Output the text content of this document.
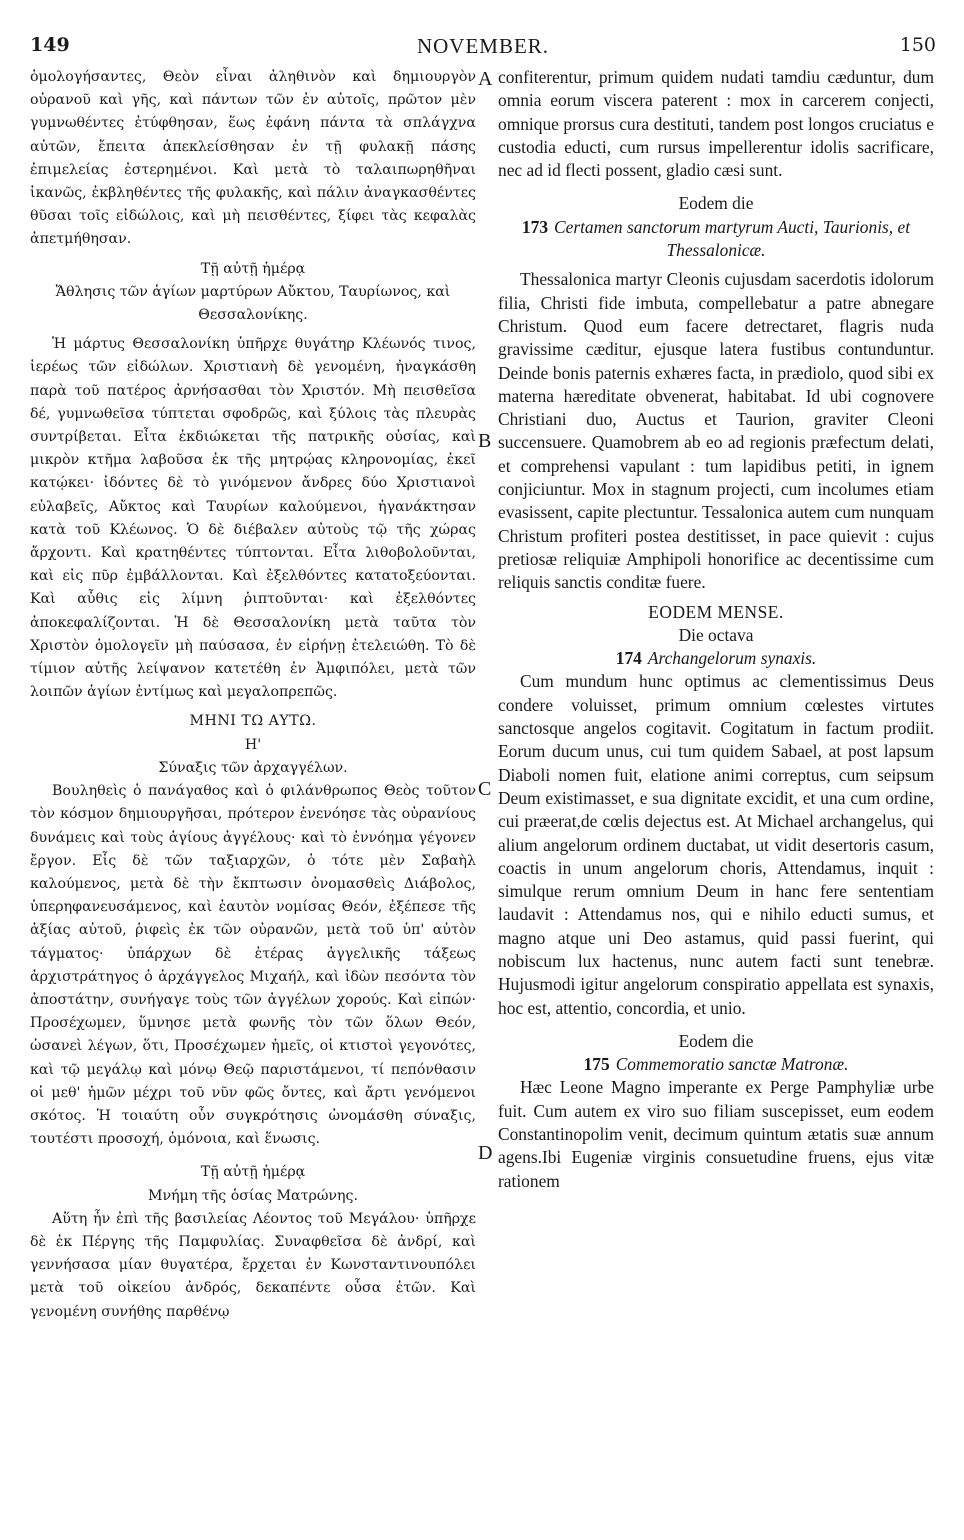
149	NOVEMBER.	150
A
B
C
D

ὁμολογήσαντες, Θεὸν εἶναι ἀληθινὸν καὶ δημιουργὸν οὐρανοῦ καὶ γῆς, καὶ πάντων τῶν ἐν αὐτοῖς, πρῶτον μὲν γυμνωθέντες ἐτύφθησαν, ἕως ἐφάνη πάντα τὰ σπλάγχνα αὐτῶν, ἔπειτα ἀπεκλείσθησαν ἐν τῇ φυλακῇ πάσης ἐπιμελείας ἐστερημένοι. Καὶ μετὰ τὸ ταλαιπωρηθῆναι ἱκανῶς, ἐκβληθέντες τῆς φυλακῆς, καὶ πάλιν ἀναγκασθέντες θῦσαι τοῖς εἰδώλοις, καὶ μὴ πεισθέντες, ξίφει τὰς κεφαλὰς ἀπετμήθησαν.

Τῇ αὐτῇ ἡμέρᾳ

Ἄθλησις τῶν ἁγίων μαρτύρων Αὔκτου, Ταυρίωνος, καὶ Θεσσαλονίκης.

Ἡ μάρτυς Θεσσαλονίκη ὑπῆρχε θυγάτηρ Κλέωνός τινος, ἱερέως τῶν εἰδώλων. Χριστιανὴ δὲ γενομένη, ἠναγκάσθη παρὰ τοῦ πατέρος ἀρνήσασθαι τὸν Χριστόν. Μὴ πεισθεῖσα δέ, γυμνωθεῖσα τύπτεται σφοδρῶς, καὶ ξύλοις τὰς πλευρὰς συντρίβεται. Εἶτα ἐκδιώκεται τῆς πατρικῆς οὐσίας, καὶ μικρὸν κτῆμα λαβοῦσα ἐκ τῆς μητρῴας κληρονομίας, ἐκεῖ κατῴκει· ἰδόντες δὲ τὸ γινόμενον ἄνδρες δύο Χριστιανοὶ εὐλαβεῖς, Αὔκτος καὶ Ταυρίων καλούμενοι, ἠγανάκτησαν κατὰ τοῦ Κλέωνος. Ὁ δὲ διέβαλεν αὐτοὺς τῷ τῆς χώρας ἄρχοντι. Καὶ κρατηθέντες τύπτονται. Εἶτα λιθοβολοῦνται, καὶ εἰς πῦρ ἐμβάλλονται. Καὶ ἐξελθόντες κατατοξεύονται. Καὶ αὖθις εἰς λίμνη ῥιπτοῦνται· καὶ ἐξελθόντες ἀποκεφαλίζονται. Ἡ δὲ Θεσσαλονίκη μετὰ ταῦτα τὸν Χριστὸν ὁμολογεῖν μὴ παύσασα, ἐν εἰρήνῃ ἐτελειώθη. Τὸ δὲ τίμιον αὐτῆς λείψανον κατετέθη ἐν Ἀμφιπόλει, μετὰ τῶν λοιπῶν ἁγίων ἐντίμως καὶ μεγαλοπρεπῶς.

ΜΗΝΙ ΤΩ ΑΥΤΩ.

Η'

Σύναξις τῶν ἀρχαγγέλων.

Βουληθεὶς ὁ πανάγαθος καὶ ὁ φιλάνθρωπος Θεὸς τοῦτον τὸν κόσμον δημιουργῆσαι, πρότερον ἐνενόησε τὰς οὐρανίους δυνάμεις καὶ τοὺς ἁγίους ἀγγέλους· καὶ τὸ ἐννόημα γέγονεν ἔργον. Εἷς δὲ τῶν ταξιαρχῶν, ὁ τότε μὲν Σαβαὴλ καλούμενος, μετὰ δὲ τὴν ἔκπτωσιν ὀνομασθεὶς Διάβολος, ὑπερηφανευσάμενος, καὶ ἑαυτὸν νομίσας Θεόν, ἐξέπεσε τῆς ἀξίας αὐτοῦ, ῥιφεὶς ἐκ τῶν οὐρανῶν, μετὰ τοῦ ὑπ' αὐτὸν τάγματος· ὑπάρχων δὲ ἑτέρας ἀγγελικῆς τάξεως ἀρχιστράτηγος ὁ ἀρχάγγελος Μιχαήλ, καὶ ἰδὼν πεσόντα τὸν ἀποστάτην, συνήγαγε τοὺς τῶν ἀγγέλων χορούς. Καὶ εἰπών· Προσέχωμεν, ὕμνησε μετὰ φωνῆς τὸν τῶν ὅλων Θεόν, ὡσανεὶ λέγων, ὅτι, Προσέχωμεν ἡμεῖς, οἱ κτιστοὶ γεγονότες, καὶ τῷ μεγάλῳ καὶ μόνῳ Θεῷ παριστάμενοι, τί πεπόνθασιν οἱ μεθ' ἡμῶν μέχρι τοῦ νῦν φῶς ὄντες, καὶ ἄρτι γενόμενοι σκότος. Ἡ τοιαύτη οὖν συγκρότησις ὠνομάσθη σύναξις, τουτέστι προσοχή, ὁμόνοια, καὶ ἕνωσις.

Τῇ αὐτῇ ἡμέρᾳ

Μνήμη τῆς ὁσίας Ματρώνης.

Αὕτη ἦν ἐπὶ τῆς βασιλείας Λέοντος τοῦ Μεγάλου· ὑπῆρχε δὲ ἐκ Πέργης τῆς Παμφυλίας. Συναφθεῖσα δὲ ἀνδρί, καὶ γεννήσασα μίαν θυγατέρα, ἔρχεται ἐν Κωνσταντινουπόλει μετὰ τοῦ οἰκείου ἀνδρός, δεκαπέντε οὖσα ἐτῶν. Καὶ γενομένη συνήθης παρθένῳ

confiterentur, primum quidem nudati tamdiu cæduntur, dum omnia eorum viscera paterent : mox in carcerem conjecti, omnique prorsus cura destituti, tandem post longos cruciatus e custodia educti, cum rursus impellerentur idolis sacrificare, nec ad id flecti possent, gladio cæsi sunt.

Eodem die

173 Certamen sanctorum martyrum Aucti, Taurionis, et Thessalonicæ.

Thessalonica martyr Cleonis cujusdam sacerdotis idolorum filia, Christi fide imbuta, compellebatur a patre abnegare Christum. Quod eum facere detrectaret, flagris nuda gravissime cæditur, ejusque latera fustibus contunduntur. Deinde bonis paternis exhæres facta, in prædiolo, quod sibi ex materna hæreditate obvenerat, habitabat. Id ubi cognovere Christiani duo, Auctus et Taurion, graviter Cleoni succensuere. Quamobrem ab eo ad regionis præfectum delati, et comprehensi vapulant : tum lapidibus petiti, in ignem conjiciuntur. Mox in stagnum projecti, cum incolumes etiam evasissent, capite plectuntur. Tessalonica autem cum nunquam Christum profiteri postea destitisset, in pace quievit : cujus pretiosæ reliquiæ Amphipoli honorifice ac decentissime cum reliquis sanctis conditæ fuere.

EODEM MENSE.

Die octava

174 Archangelorum synaxis.

Cum mundum hunc optimus ac clementissimus Deus condere voluisset, primum omnium cœlestes virtutes sanctosque angelos cogitavit. Cogitatum in factum prodiit. Eorum ducum unus, cui tum quidem Sabael, at post lapsum Diaboli nomen fuit, elatione animi correptus, cum seipsum Deum existimasset, e sua dignitate excidit, et una cum ordine, cui præerat,de cœlis dejectus est. At Michael archangelus, qui alium angelorum ordinem ductabat, ut vidit desertoris casum, coactis in unum angelorum choris, Attendamus, inquit : simulque rerum omnium Deum in hanc fere sententiam laudavit : Attendamus nos, qui e nihilo educti sumus, et magno atque uni Deo astamus, quid passi fuerint, qui nobiscum lux hactenus, nunc autem facti sunt tenebræ. Hujusmodi igitur angelorum conspiratio appellata est synaxis, hoc est, attentio, concordia, et unio.

Eodem die

175 Commemoratio sanctæ Matronæ.

Hæc Leone Magno imperante ex Perge Pamphyliæ urbe fuit. Cum autem ex viro suo filiam suscepisset, eum eodem Constantinopolim venit, decimum quintum ætatis suæ annum agens.Ibi Eugeniæ virginis consuetudine fruens, ejus vitæ rationem
